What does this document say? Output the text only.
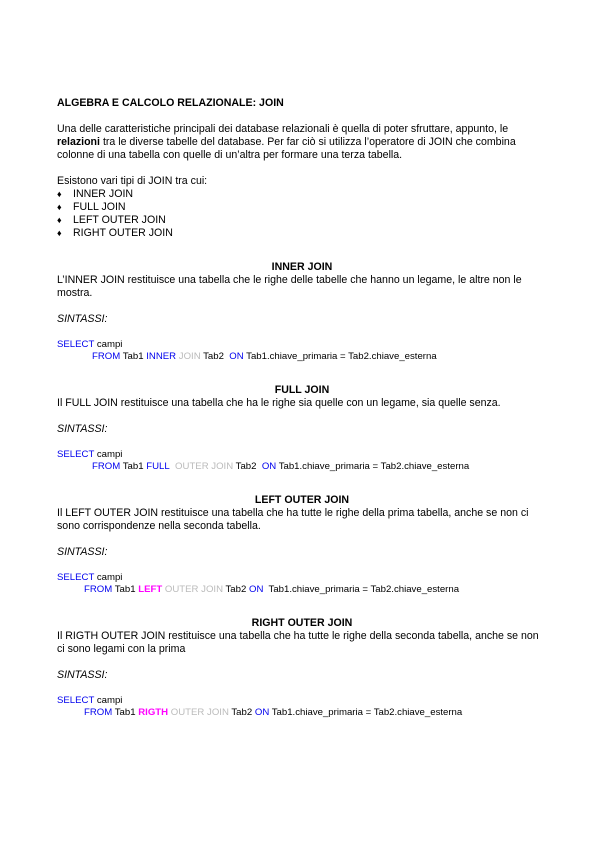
ALGEBRA E CALCOLO RELAZIONALE: JOIN

Una delle caratteristiche principali dei database relazionali è quella di poter sfruttare, appunto, le relazioni tra le diverse tabelle del database. Per far ciò si utilizza l’operatore di JOIN che combina colonne di una tabella con quelle di un’altra per formare una terza tabella.

Esistono vari tipi di JOIN tra cui:

♦ INNER JOIN
♦ FULL JOIN
♦ LEFT OUTER JOIN
♦ RIGHT OUTER JOIN

INNER JOIN

L’INNER JOIN restituisce una tabella che le righe delle tabelle che hanno un legame, le altre non le mostra.

SINTASSI:

SELECT campi
FROM Tab1 INNER JOIN Tab2 ON Tab1.chiave_primaria = Tab2.chiave_esterna

FULL JOIN

Il FULL JOIN restituisce una tabella che ha le righe sia quelle con un legame, sia quelle senza.

SINTASSI:

SELECT campi
FROM Tab1 FULL OUTER JOIN Tab2 ON Tab1.chiave_primaria = Tab2.chiave_esterna

LEFT OUTER JOIN

Il LEFT OUTER JOIN restituisce una tabella che ha tutte le righe della prima tabella, anche se non ci sono corrispondenze nella seconda tabella.

SINTASSI:

SELECT campi
FROM Tab1 LEFT OUTER JOIN Tab2 ON Tab1.chiave_primaria = Tab2.chiave_esterna

RIGHT OUTER JOIN

Il RIGTH OUTER JOIN restituisce una tabella che ha tutte le righe della seconda tabella, anche se non ci sono legami con la prima

SINTASSI:

SELECT campi
FROM Tab1 RIGTH OUTER JOIN Tab2 ON Tab1.chiave_primaria = Tab2.chiave_esterna
